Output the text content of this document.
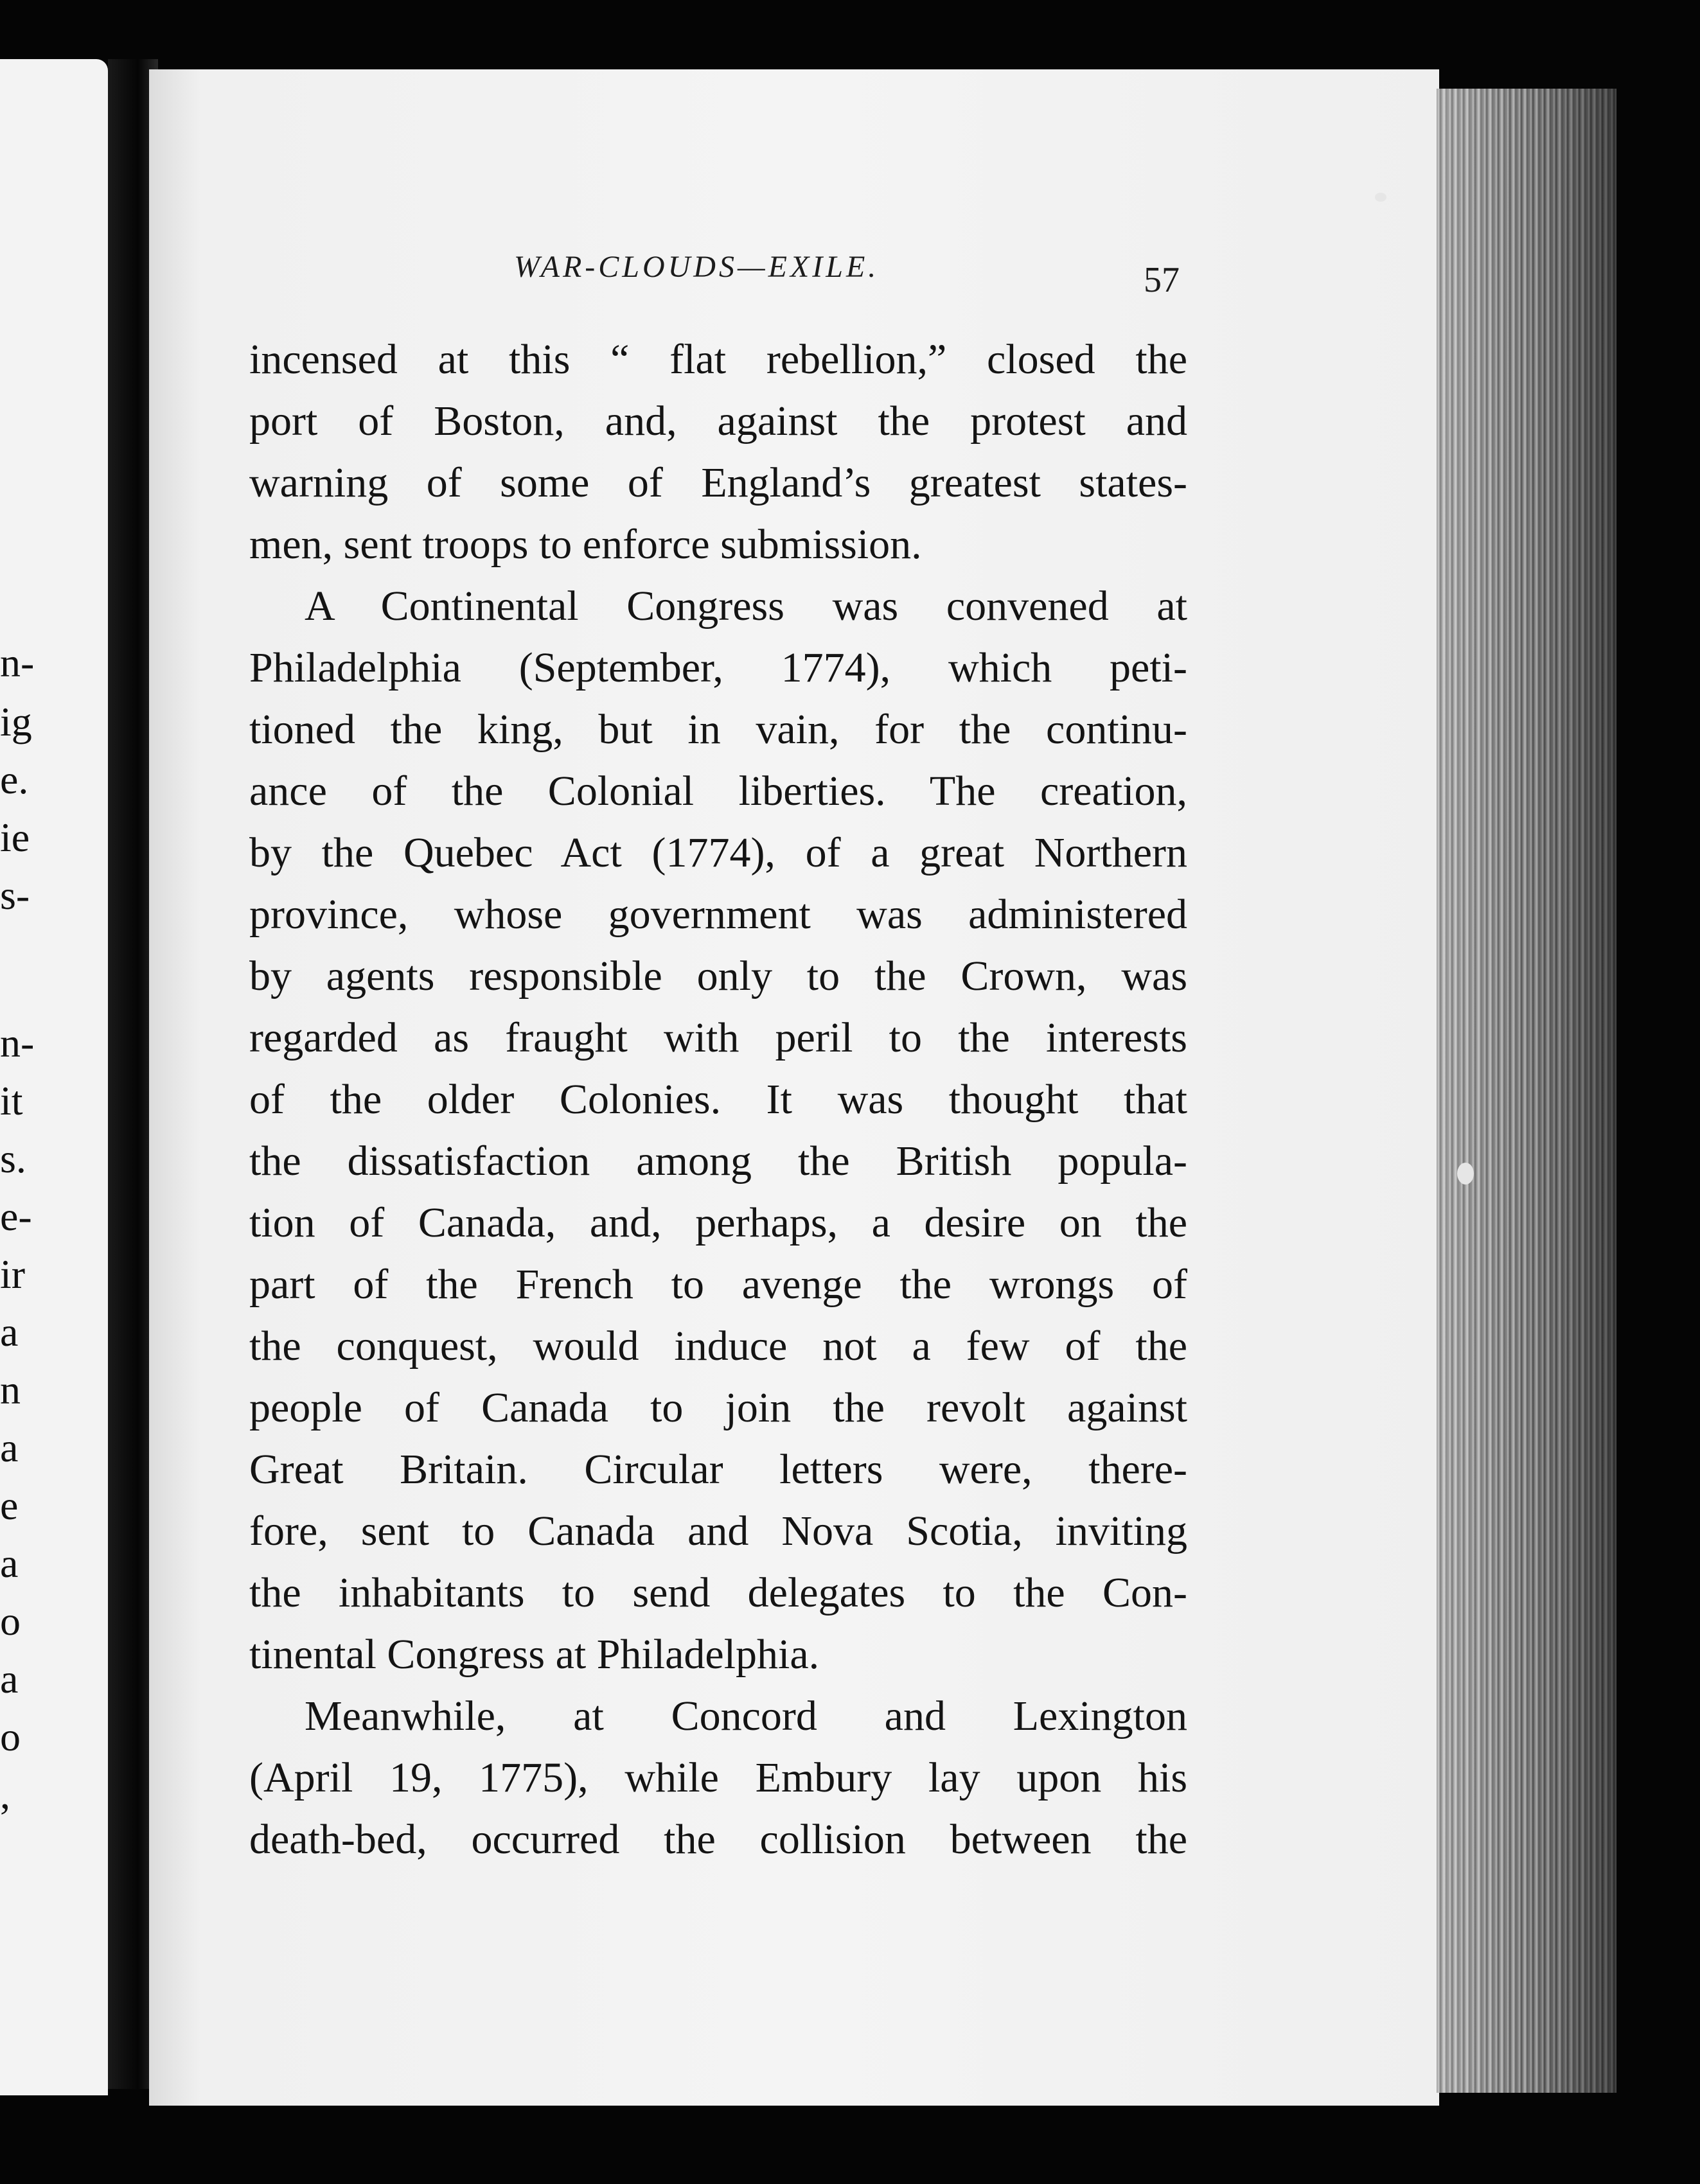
n-
ig
e.
ie
s-
n-
it
s.
e-
ir
a
n
a
e
a
o
a
o
,
WAR-CLOUDS—EXILE.	57
incensed at this “ flat rebellion,” closed the
port of Boston, and, against the protest and
warning of some of England’s greatest states-
men, sent troops to enforce submission.
A Continental Congress was convened at
Philadelphia (September, 1774), which peti-
tioned the king, but in vain, for the continu-
ance of the Colonial liberties. The creation,
by the Quebec Act (1774), of a great Northern
province, whose government was administered
by agents responsible only to the Crown, was
regarded as fraught with peril to the interests
of the older Colonies. It was thought that
the dissatisfaction among the British popula-
tion of Canada, and, perhaps, a desire on the
part of the French to avenge the wrongs of
the conquest, would induce not a few of the
people of Canada to join the revolt against
Great Britain. Circular letters were, there-
fore, sent to Canada and Nova Scotia, inviting
the inhabitants to send delegates to the Con-
tinental Congress at Philadelphia.
Meanwhile, at Concord and Lexington
(April 19, 1775), while Embury lay upon his
death-bed, occurred the collision between the
